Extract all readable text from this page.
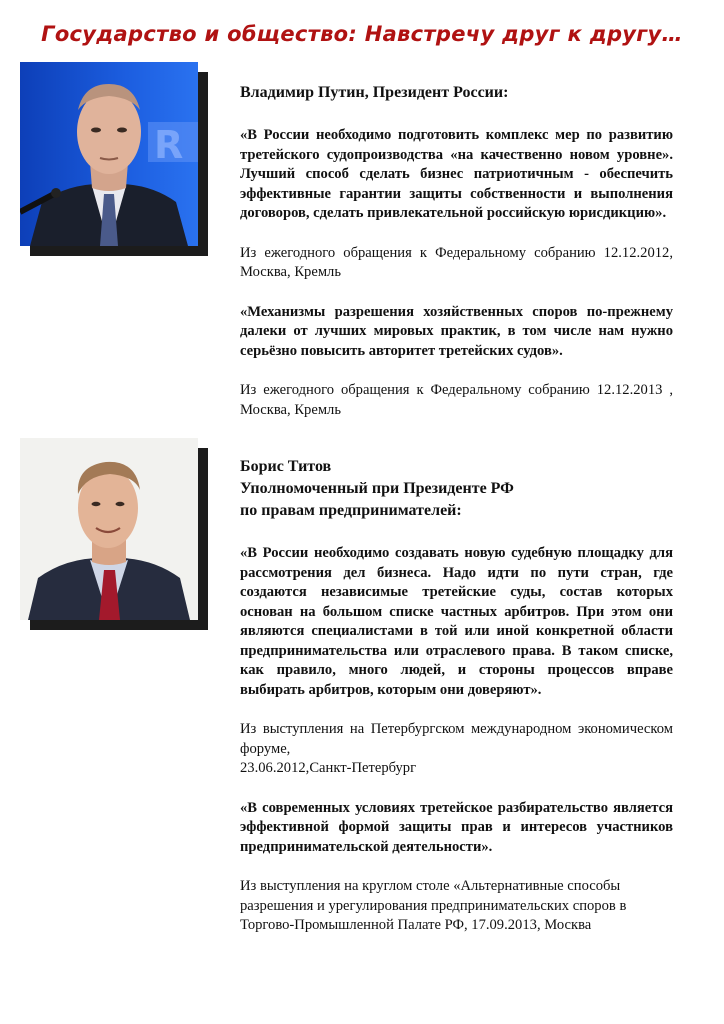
Государство и общество: Навстречу друг к другу…
R
Владимир Путин, Президент России:
«В России необходимо подготовить комплекс мер по развитию третейского судопроизводства «на качественно новом уровне». Лучший способ сделать бизнес патриотичным - обеспечить эффективные гарантии защиты собственности и выполнения договоров, сделать привлекательной российскую юрисдикцию».
Из ежегодного обращения к Федеральному собранию 12.12.2012, Москва, Кремль
«Механизмы разрешения хозяйственных споров по-прежнему далеки от лучших мировых практик, в том числе нам нужно серьёзно повысить авторитет третейских судов».
Из ежегодного обращения к Федеральному собранию 12.12.2013 , Москва, Кремль
Борис Титов
Уполномоченный при Президенте РФ
по правам предпринимателей:
«В России необходимо создавать новую судебную площадку для рассмотрения дел бизнеса. Надо идти по пути стран, где создаются независимые третейские суды, состав которых основан на большом списке частных арбитров. При этом они являются специалистами в той или иной конкретной области предпринимательства или отраслевого права. В таком списке, как правило, много людей, и стороны процессов вправе выбирать арбитров, которым они доверяют».
Из выступления на Петербургском международном экономическом форуме,
23.06.2012,Санкт-Петербург
«В современных условиях третейское разбирательство является эффективной формой защиты прав и интересов участников предпринимательской деятельности».
Из выступления на круглом столе «Альтернативные способы
разрешения и урегулирования предпринимательских споров в
Торгово-Промышленной Палате РФ, 17.09.2013, Москва
